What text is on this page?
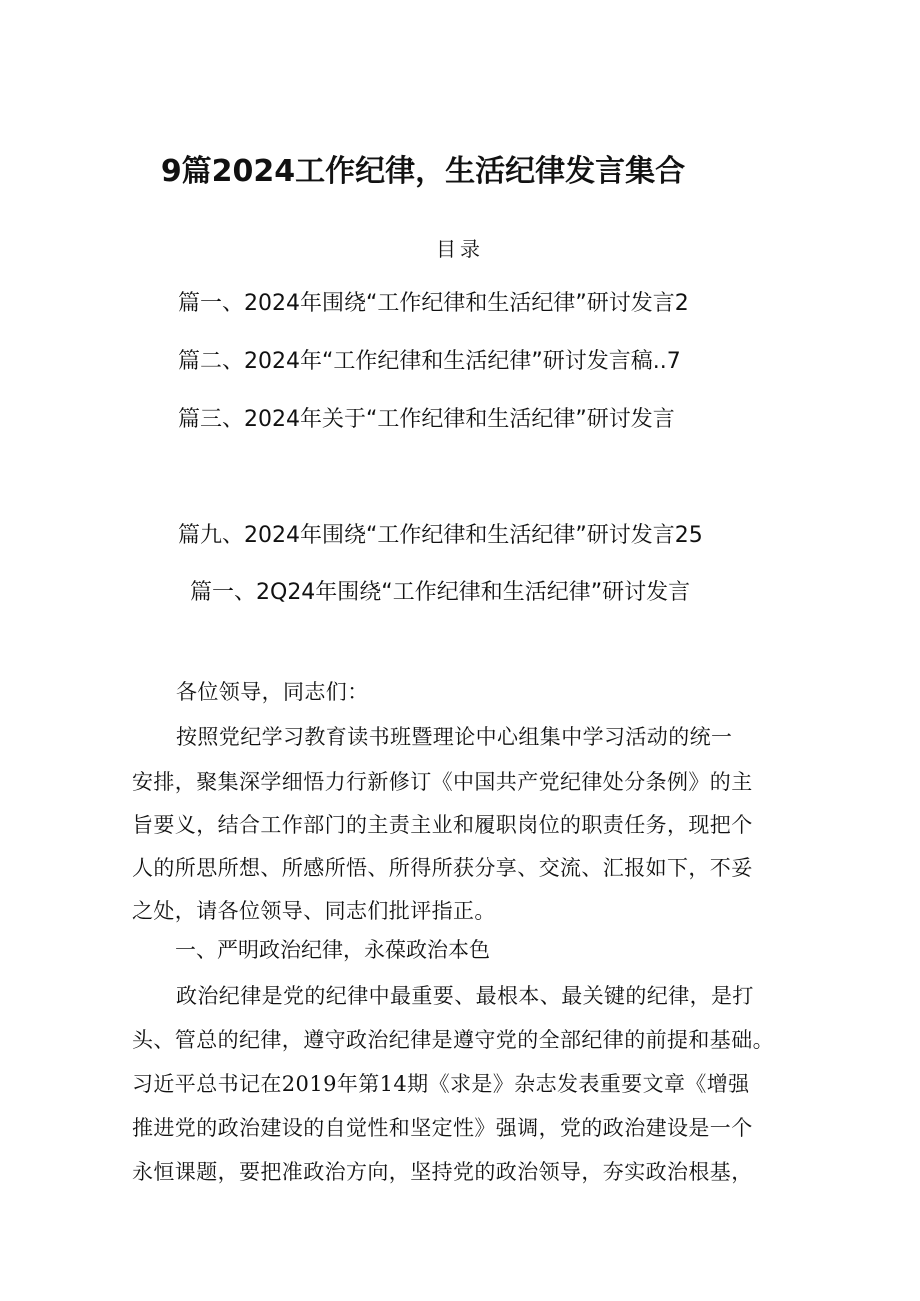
9篇2024工作纪律，生活纪律发言集合
目录
篇一、2024年围绕“工作纪律和生活纪律”研讨发言2
篇二、2024年“工作纪律和生活纪律”研讨发言稿..7
篇三、2024年关于“工作纪律和生活纪律”研讨发言
篇九、2024年围绕“工作纪律和生活纪律”研讨发言25
篇一、2Q24年围绕“工作纪律和生活纪律”研讨发言
各位领导，同志们：
按照党纪学习教育读书班暨理论中心组集中学习活动的统一
安排，聚集深学细悟力行新修订《中国共产党纪律处分条例》的主
旨要义，结合工作部门的主责主业和履职岗位的职责任务，现把个
人的所思所想、所感所悟、所得所获分享、交流、汇报如下，不妥
之处，请各位领导、同志们批评指正。
一、严明政治纪律，永葆政治本色
政治纪律是党的纪律中最重要、最根本、最关键的纪律，是打
头、管总的纪律，遵守政治纪律是遵守党的全部纪律的前提和基础。
习近平总书记在2019年第14期《求是》杂志发表重要文章《增强
推进党的政治建设的自觉性和坚定性》强调，党的政治建设是一个
永恒课题，要把准政治方向，坚持党的政治领导，夯实政治根基，
